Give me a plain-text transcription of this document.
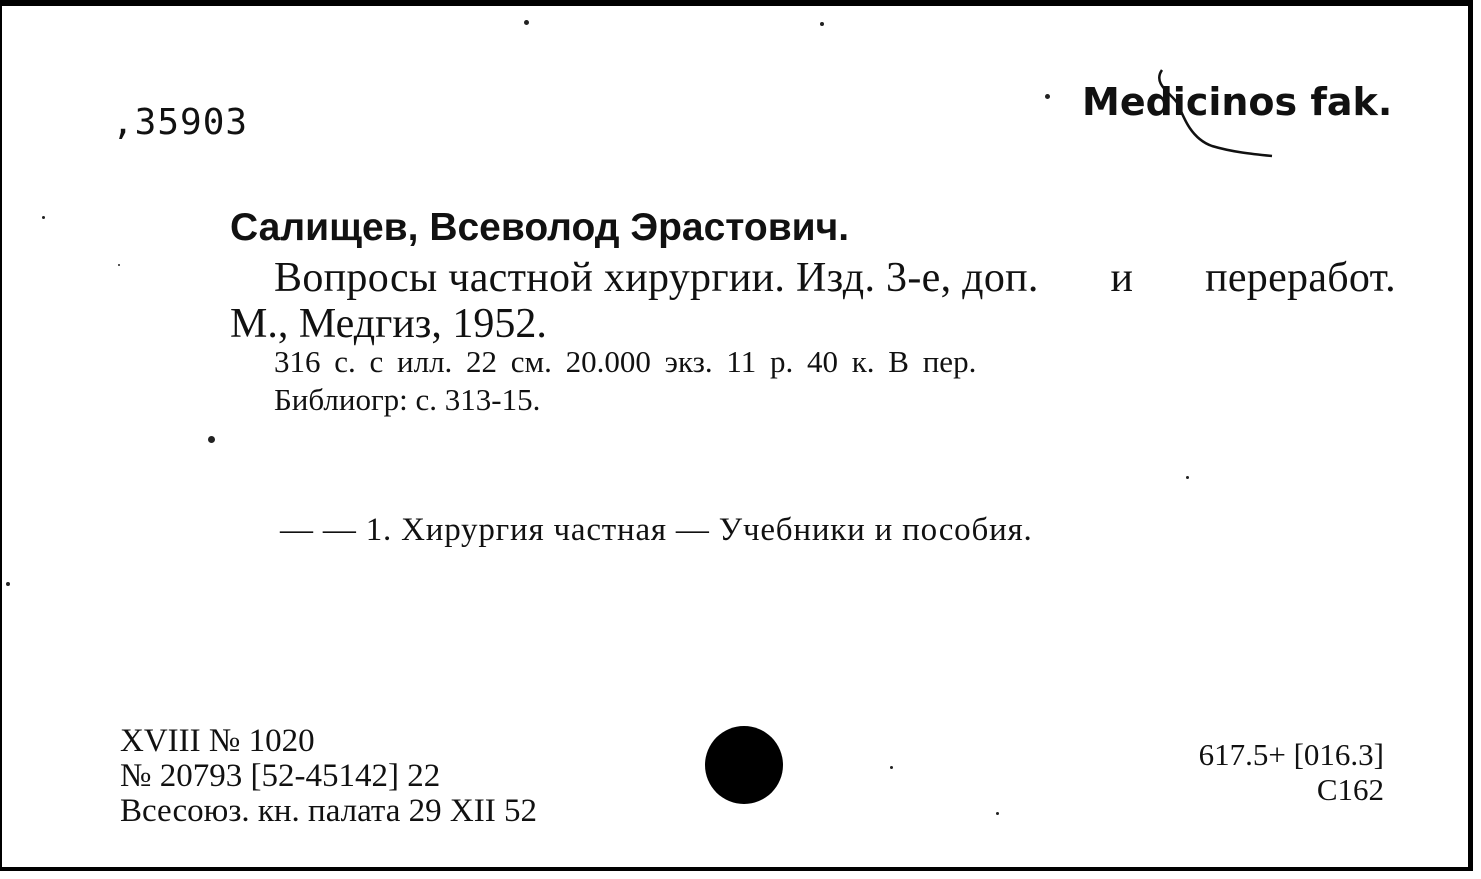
,35903	Medicinos fak.
Салищев, Всеволод Эрастович.
Вопросы частной хирургии. Изд. 3-е, доп. и переработ.
М., Медгиз, 1952.
316 с. с илл. 22 см. 20.000 экз. 11 р. 40 к. В пер.
Библиогр: с. 313-15.
— — 1. Хирургия частная — Учебники и пособия.
XVIII № 1020
№ 20793 [52-45142] 22
Всесоюз. кн. палата 29 XII 52
617.5+ [016.3]
С162
